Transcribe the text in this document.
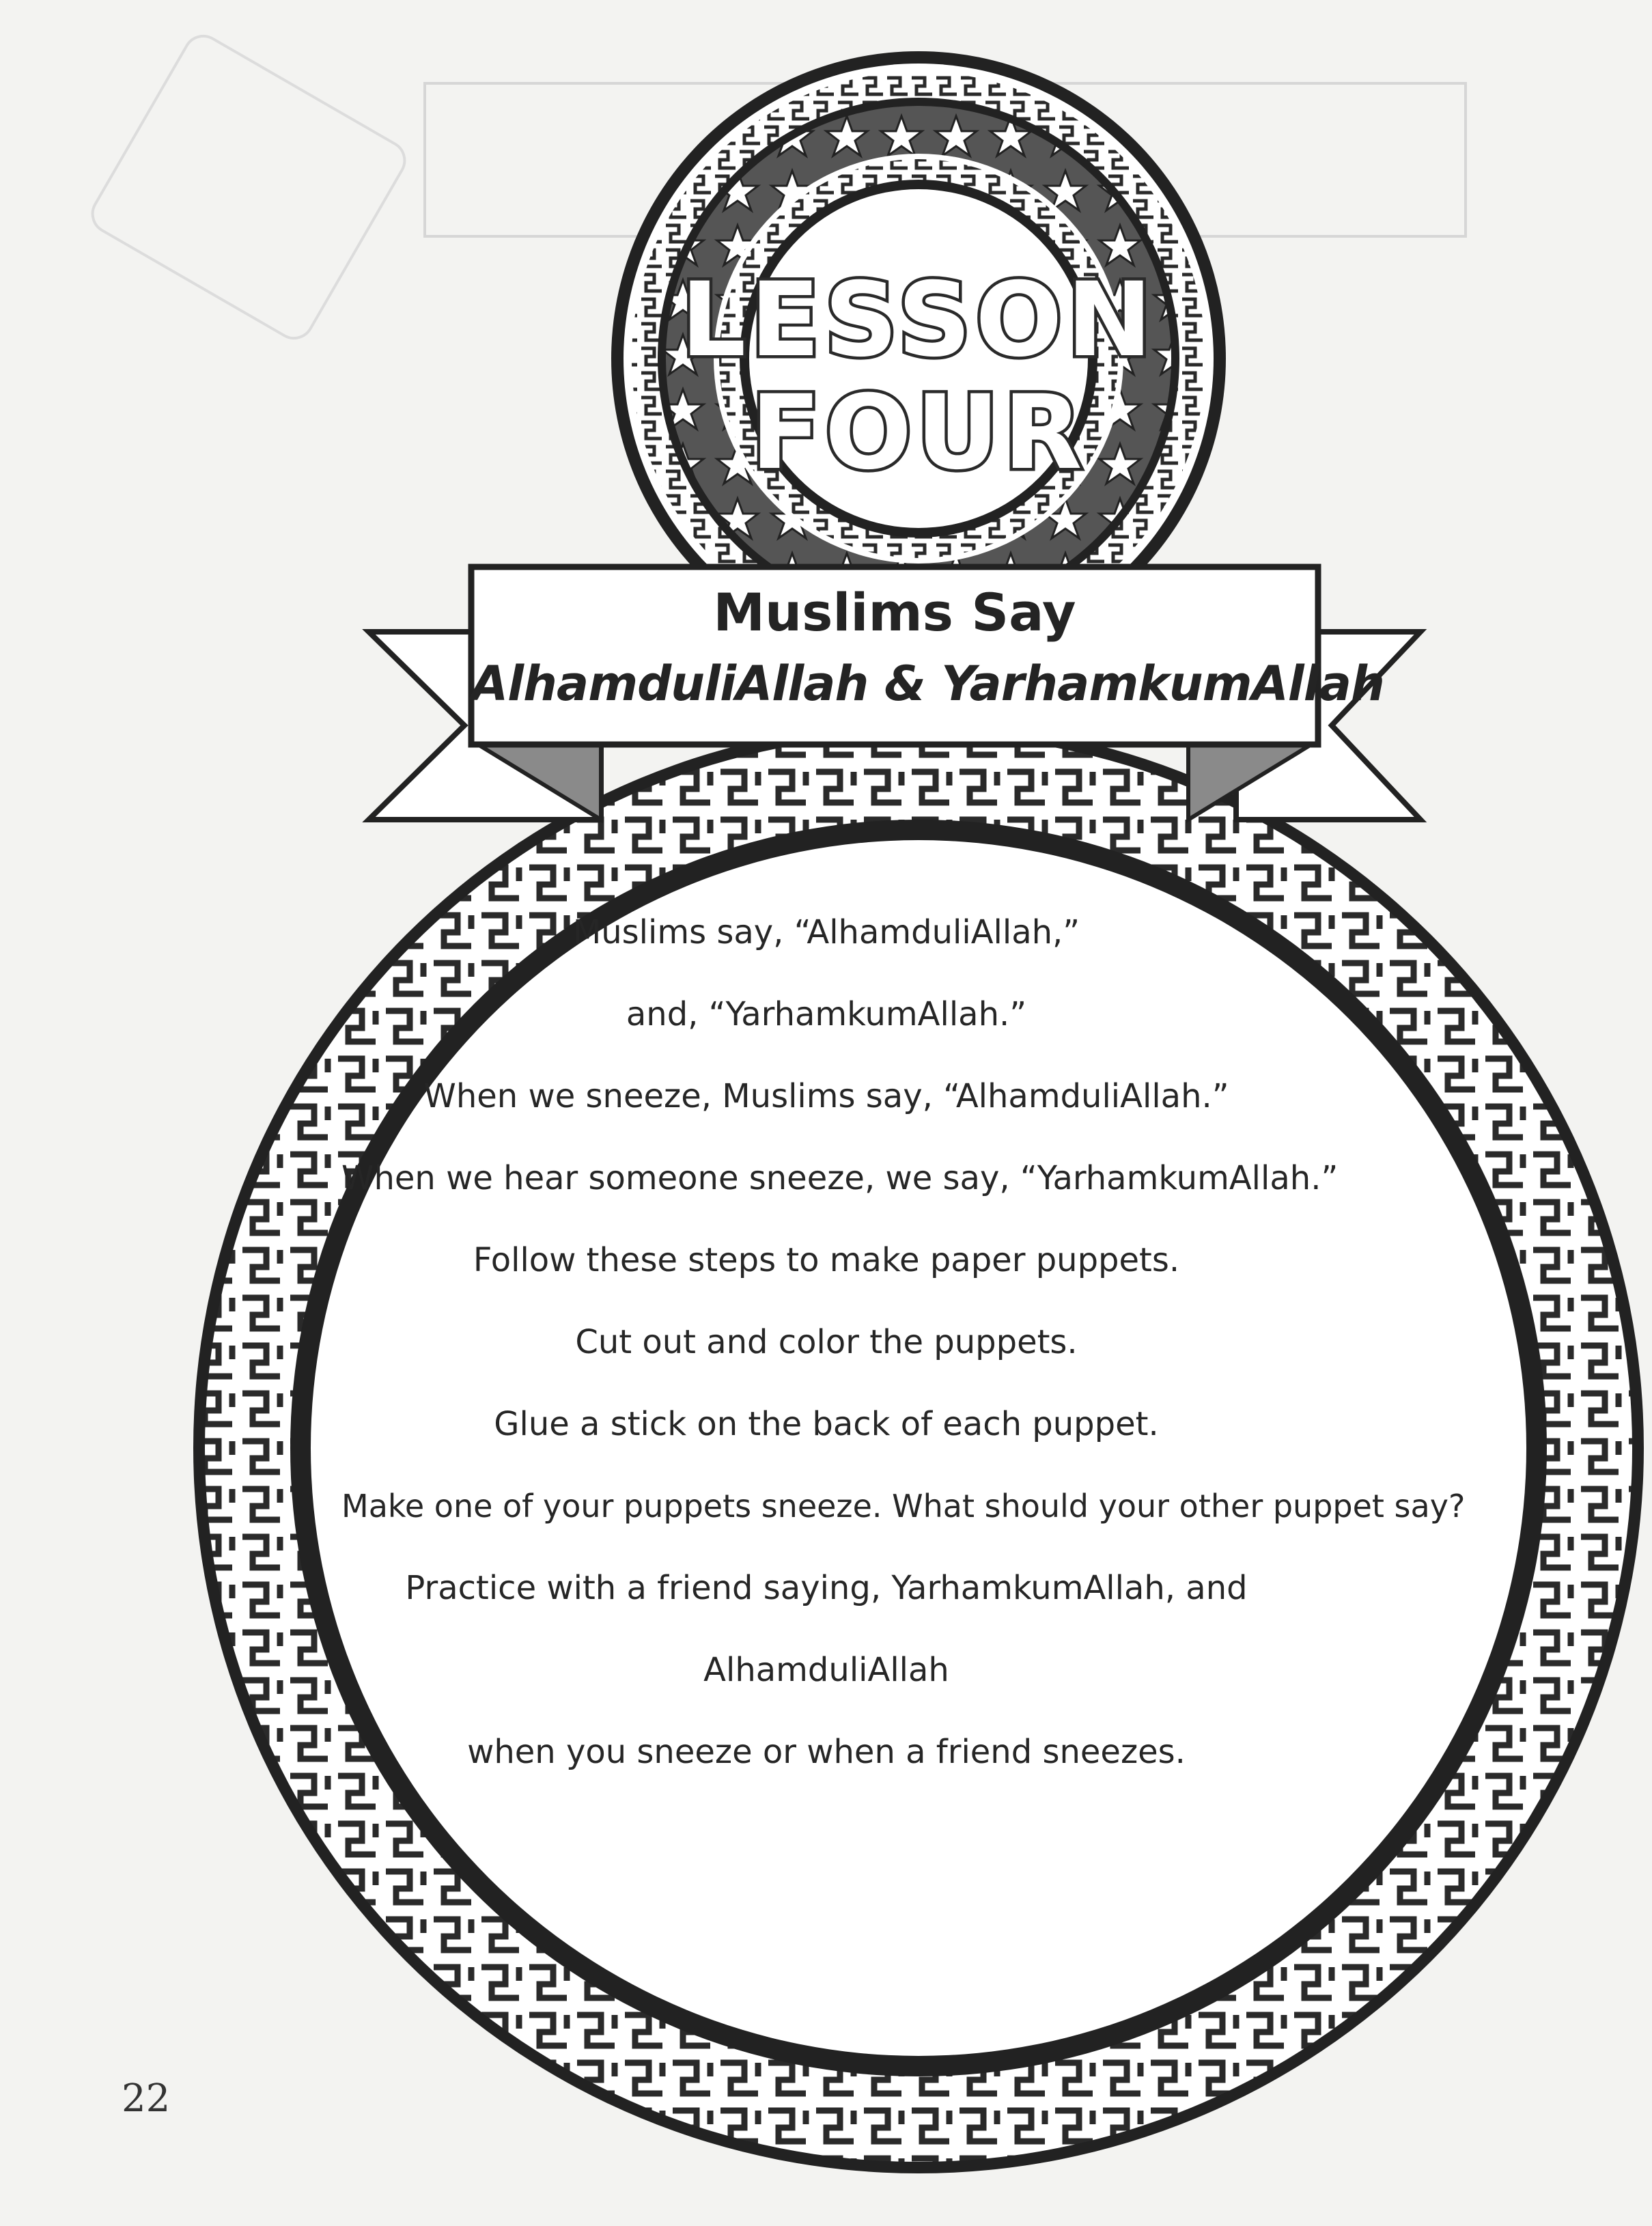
LESSON
FOUR
Muslims Say
AlhamduliAllah & YarhamkumAllah
Muslims say, “AlhamduliAllah,”
and, “YarhamkumAllah.”
When we sneeze, Muslims say, “AlhamduliAllah.”
When we hear someone sneeze, we say, “YarhamkumAllah.”
Follow these steps to make paper puppets.
Cut out and color the puppets.
Glue a stick on the back of each puppet.
Make one of your puppets sneeze. What should your other puppet say?
Practice with a friend saying, YarhamkumAllah, and
AlhamduliAllah
when you sneeze or when a friend sneezes.
22
